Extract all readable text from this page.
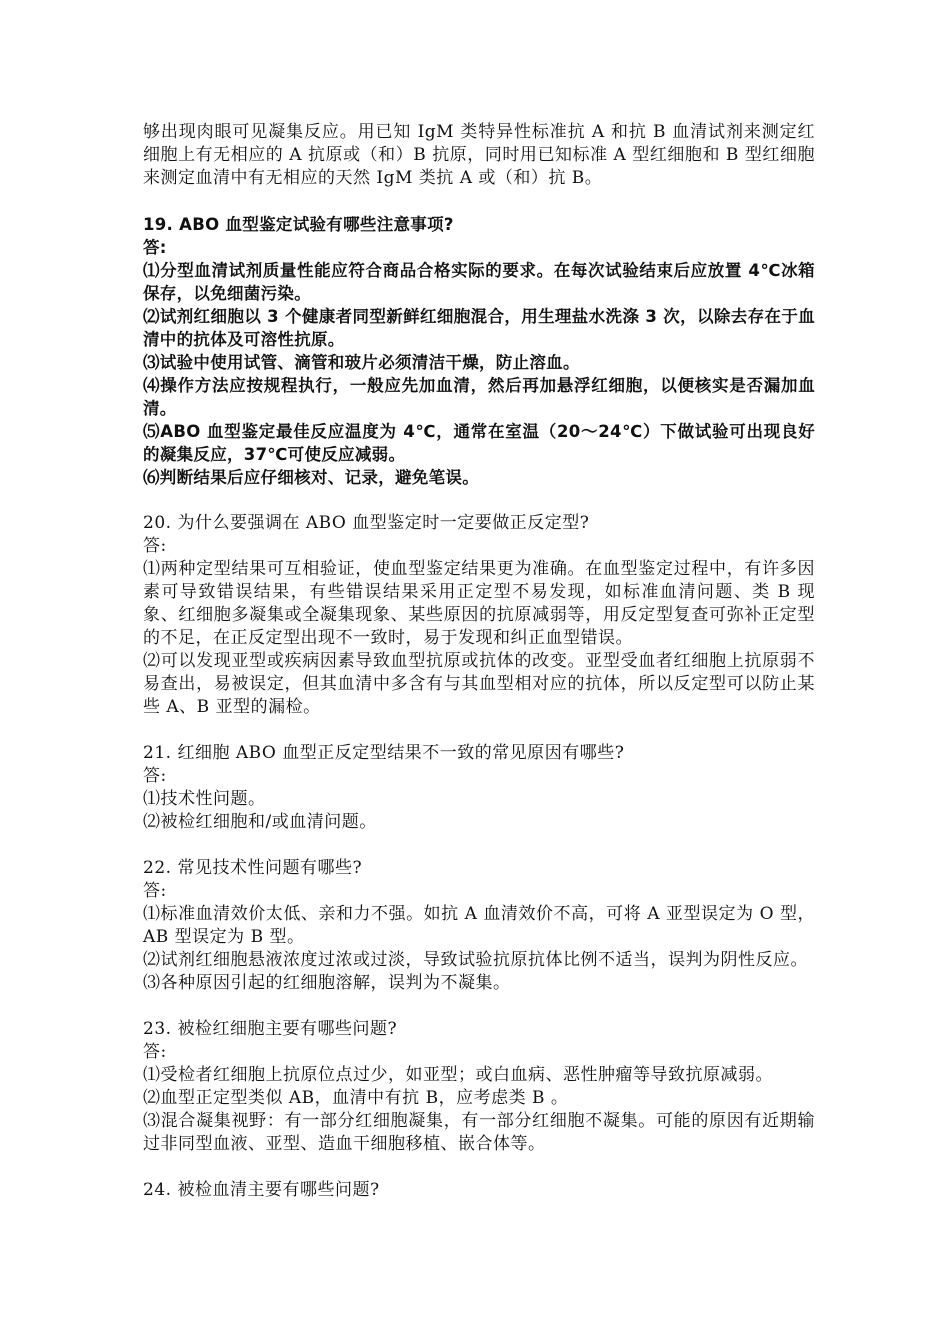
够出现肉眼可见凝集反应。用已知 IgM 类特异性标准抗 A 和抗 B 血清试剂来测定红细胞上有无相应的 A 抗原或（和）B 抗原，同时用已知标准 A 型红细胞和 B 型红细胞来测定血清中有无相应的天然 IgM 类抗 A 或（和）抗 B。

19. ABO 血型鉴定试验有哪些注意事项?

答:

⑴分型血清试剂质量性能应符合商品合格实际的要求。在每次试验结束后应放置 4℃冰箱保存，以免细菌污染。

⑵试剂红细胞以 3 个健康者同型新鲜红细胞混合，用生理盐水洗涤 3 次，以除去存在于血清中的抗体及可溶性抗原。

⑶试验中使用试管、滴管和玻片必须清洁干燥，防止溶血。

⑷操作方法应按规程执行，一般应先加血清，然后再加悬浮红细胞，以便核实是否漏加血清。

⑸ABO 血型鉴定最佳反应温度为 4℃，通常在室温（20～24℃）下做试验可出现良好的凝集反应，37℃可使反应减弱。

⑹判断结果后应仔细核对、记录，避免笔误。

20. 为什么要强调在 ABO 血型鉴定时一定要做正反定型?

答:

⑴两种定型结果可互相验证，使血型鉴定结果更为准确。在血型鉴定过程中，有许多因素可导致错误结果，有些错误结果采用正定型不易发现，如标准血清问题、类 B 现象、红细胞多凝集或全凝集现象、某些原因的抗原减弱等，用反定型复查可弥补正定型的不足，在正反定型出现不一致时，易于发现和纠正血型错误。

⑵可以发现亚型或疾病因素导致血型抗原或抗体的改变。亚型受血者红细胞上抗原弱不易查出，易被误定，但其血清中多含有与其血型相对应的抗体，所以反定型可以防止某些 A、B 亚型的漏检。

21. 红细胞 ABO 血型正反定型结果不一致的常见原因有哪些?

答:

⑴技术性问题。

⑵被检红细胞和/或血清问题。

22. 常见技术性问题有哪些?

答:

⑴标准血清效价太低、亲和力不强。如抗 A 血清效价不高，可将 A 亚型误定为 O 型，AB 型误定为 B 型。

⑵试剂红细胞悬液浓度过浓或过淡，导致试验抗原抗体比例不适当，误判为阴性反应。

⑶各种原因引起的红细胞溶解，误判为不凝集。

23. 被检红细胞主要有哪些问题?

答:

⑴受检者红细胞上抗原位点过少，如亚型；或白血病、恶性肿瘤等导致抗原减弱。

⑵血型正定型类似 AB，血清中有抗 B，应考虑类 B 。

⑶混合凝集视野：有一部分红细胞凝集，有一部分红细胞不凝集。可能的原因有近期输过非同型血液、亚型、造血干细胞移植、嵌合体等。

24. 被检血清主要有哪些问题?
